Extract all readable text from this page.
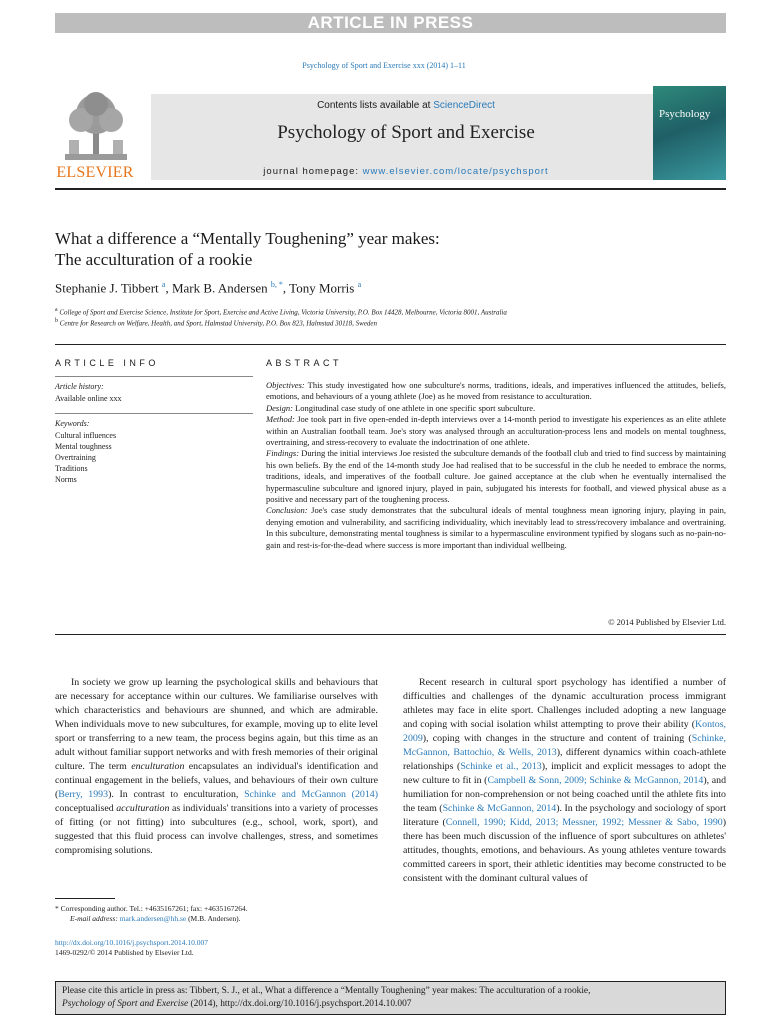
ARTICLE IN PRESS
Psychology of Sport and Exercise xxx (2014) 1–11
ELSEVIER
Contents lists available at ScienceDirect
Psychology of Sport and Exercise
journal homepage: www.elsevier.com/locate/psychsport
Psychology
What a difference a “Mentally Toughening” year makes:
The acculturation of a rookie
Stephanie J. Tibbert $^a$, Mark B. Andersen $^{b, *}$, Tony Morris $^a$
$^a$ College of Sport and Exercise Science, Institute for Sport, Exercise and Active Living, Victoria University, P.O. Box 14428, Melbourne, Victoria 8001, Australia
$^b$ Centre for Research on Welfare, Health, and Sport, Halmstad University, P.O. Box 823, Halmstad 30118, Sweden
ARTICLE INFO	ABSTRACT
Article history:
Available online xxx
Keywords:
Cultural influences
Mental toughness
Overtraining
Traditions
Norms
Objectives: This study investigated how one subculture's norms, traditions, ideals, and imperatives influenced the attitudes, beliefs, emotions, and behaviours of a young athlete (Joe) as he moved from resistance to acculturation.
Design: Longitudinal case study of one athlete in one specific sport subculture.
Method: Joe took part in five open-ended in-depth interviews over a 14-month period to investigate his experiences as an elite athlete within an Australian football team. Joe's story was analysed through an acculturation-process lens and models on mental toughness, overtraining, and stress-recovery to evaluate the indoctrination of one athlete.
Findings: During the initial interviews Joe resisted the subculture demands of the football club and tried to find success by maintaining his own beliefs. By the end of the 14-month study Joe had realised that to be successful in the club he needed to embrace the norms, traditions, ideals, and imperatives of the football culture. Joe gained acceptance at the club when he eventually internalised the hypermasculine subculture and ignored injury, played in pain, subjugated his interests for football, and viewed physical abuse as a positive and necessary part of the toughening process.
Conclusion: Joe's case study demonstrates that the subcultural ideals of mental toughness mean ignoring injury, playing in pain, denying emotion and vulnerability, and sacrificing individuality, which inevitably lead to stress/recovery imbalance and overtraining. In this subculture, demonstrating mental toughness is similar to a hypermasculine environment typified by slogans such as no-pain-no-gain and rest-is-for-the-dead where success is more important than individual wellbeing.
© 2014 Published by Elsevier Ltd.

In society we grow up learning the psychological skills and behaviours that are necessary for acceptance within our cultures. We familiarise ourselves with which characteristics and behaviours are shunned, and which are admirable. When individuals move to new subcultures, for example, moving up to elite level sport or transferring to a new team, the process begins again, but this time as an adult without familiar support networks and with fresh memories of their original culture. The term enculturation encapsulates an individual's identification and continual engagement in the beliefs, values, and behaviours of their own culture (Berry, 1993). In contrast to enculturation, Schinke and McGannon (2014) conceptualised acculturation as individuals' transitions into a variety of processes of fitting (or not fitting) into subcultures (e.g., school, work, sport), and suggested that this fluid process can involve challenges, stress, and sometimes compromising solutions.

Recent research in cultural sport psychology has identified a number of difficulties and challenges of the dynamic acculturation process immigrant athletes may face in elite sport. Challenges included adopting a new language and coping with social isolation whilst attempting to prove their ability (Kontos, 2009), coping with changes in the structure and content of training (Schinke, McGannon, Battochio, & Wells, 2013), different dynamics within coach-athlete relationships (Schinke et al., 2013), implicit and explicit messages to adopt the new culture to fit in (Campbell & Sonn, 2009; Schinke & McGannon, 2014), and humiliation for non-comprehension or not being coached until the athlete fits into the team (Schinke & McGannon, 2014). In the psychology and sociology of sport literature (Connell, 1990; Kidd, 2013; Messner, 1992; Messner & Sabo, 1990) there has been much discussion of the influence of sport subcultures on athletes' attitudes, thoughts, emotions, and behaviours. As young athletes venture towards committed careers in sport, their athletic identities may become constructed to be consistent with the dominant cultural values of

* Corresponding author. Tel.: +4635167261; fax: +4635167264.
E-mail address: mark.andersen@hh.se (M.B. Andersen).
http://dx.doi.org/10.1016/j.psychsport.2014.10.007
1469-0292/© 2014 Published by Elsevier Ltd.
Please cite this article in press as: Tibbert, S. J., et al., What a difference a “Mentally Toughening” year makes: The acculturation of a rookie,
Psychology of Sport and Exercise (2014), http://dx.doi.org/10.1016/j.psychsport.2014.10.007
